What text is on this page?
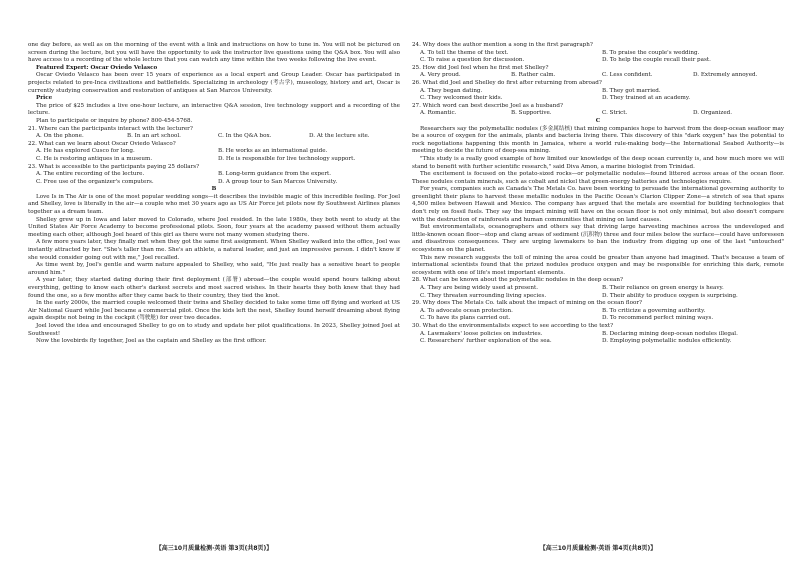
one day before, as well as on the morning of the event with a link and instructions on how to tune in. You will not be pictured on screen during the lecture, but you will have the opportunity to ask the instructor live questions using the Q&A box. You will also have access to a recording of the whole lecture that you can watch any time within the two weeks following the live event.

Featured Expert: Oscar Oviedo Velasco

Oscar Oviedo Velasco has been over 15 years of experience as a local expert and Group Leader. Oscar has participated in projects related to pre-Inca civilizations and battlefields. Specializing in archeology (考古学), museology, history and art, Oscar is currently studying conservation and restoration of antiques at San Marcos University.

Price

The price of $25 includes a live one-hour lecture, an interactive Q&A session, live technology support and a recording of the lecture.

Plan to participate or inquire by phone? 800-454-5768.

21. Where can the participants interact with the lecturer?

A. On the phone.	B. In an art school.	C. In the Q&A box.	D. At the lecture site.

22. What can we learn about Oscar Oviedo Velasco?

A. He has explored Cusco for long.	B. He works as an international guide.
C. He is restoring antiques in a museum.	D. He is responsible for live technology support.

23. What is accessible to the participants paying 25 dollars?

A. The entire recording of the lecture.	B. Long-term guidance from the expert.
C. Free use of the organizer's computers.	D. A group tour to San Marcos University.

B

Love Is in The Air is one of the most popular wedding songs—it describes the invisible magic of this incredible feeling. For Joel and Shelley, love is literally in the air—a couple who met 30 years ago as US Air Force jet pilots now fly Southwest Airlines planes together as a dream team.

Shelley grew up in Iowa and later moved to Colorado, where Joel resided. In the late 1980s, they both went to study at the United States Air Force Academy to become professional pilots. Soon, four years at the academy passed without them actually meeting each other, although Joel heard of this girl as there were not many women studying there.

A few more years later, they finally met when they got the same first assignment. When Shelley walked into the office, Joel was instantly attracted by her. "She's taller than me. She's an athlete, a natural leader, and just an impressive person. I didn't know if she would consider going out with me," Joel recalled.

As time went by, Joel's gentle and warm nature appealed to Shelley, who said, "He just really has a sensitive heart to people around him."

A year later, they started dating during their first deployment (部署) abroad—the couple would spend hours talking about everything, getting to know each other's darkest secrets and most sacred wishes. In their hearts they both knew that they had found the one, so a few months after they came back to their country, they tied the knot.

In the early 2000s, the married couple welcomed their twins and Shelley decided to take some time off flying and worked at US Air National Guard while Joel became a commercial pilot. Once the kids left the nest, Shelley found herself dreaming about flying again despite not being in the cockpit (驾驶舱) for over two decades.

Joel loved the idea and encouraged Shelley to go on to study and update her pilot qualifications. In 2023, Shelley joined Joel at Southwest!

Now the lovebirds fly together, Joel as the captain and Shelley as the first officer.

24. Why does the author mention a song in the first paragraph?

A. To tell the theme of the text.	B. To praise the couple's wedding.
C. To raise a question for discussion.	D. To help the couple recall their past.

25. How did Joel feel when he first met Shelley?

A. Very proud.	B. Rather calm.	C. Less confident.	D. Extremely annoyed.

26. What did Joel and Shelley do first after returning from abroad?

A. They began dating.	B. They got married.
C. They welcomed their kids.	D. They trained at an academy.

27. Which word can best describe Joel as a husband?

A. Romantic.	B. Supportive.	C. Strict.	D. Organized.

C

Researchers say the polymetallic nodules (多金属结核) that mining companies hope to harvest from the deep-ocean seafloor may be a source of oxygen for the animals, plants and bacteria living there. This discovery of this "dark oxygen" has the potential to rock negotiations happening this month in Jamaica, where a world rule-making body—the International Seabed Authority—is meeting to decide the future of deep-sea mining.

"This study is a really good example of how limited our knowledge of the deep ocean currently is, and how much more we will stand to benefit with further scientific research," said Diva Amon, a marine biologist from Trinidad.

The excitement is focused on the potato-sized rocks—or polymetallic nodules—found littered across areas of the ocean floor. These nodules contain minerals, such as cobalt and nickel that green-energy batteries and technologies require.

For years, companies such as Canada's The Metals Co. have been working to persuade the international governing authority to greenlight their plans to harvest these metallic nodules in the Pacific Ocean's Clarion Clipper Zone—a stretch of sea that spans 4,500 miles between Hawaii and Mexico. The company has argued that the metals are essential for building technologies that don't rely on fossil fuels. They say the impact mining will have on the ocean floor is not only minimal, but also doesn't compare with the destruction of rainforests and human communities that mining on land causes.

But environmentalists, oceanographers and others say that driving large harvesting machines across the undeveloped and little-known ocean floor—stop and clang areas of sediment (沉积物) three and four miles below the surface—could have unforeseen and disastrous consequences. They are urging lawmakers to ban the industry from digging up one of the last "untouched" ecosystems on the planet.

This new research suggests the toll of mining the area could be greater than anyone had imagined. That's because a team of international scientists found that the prized nodules produce oxygen and may be responsible for enriching this dark, remote ecosystem with one of life's most important elements.

28. What can be known about the polymetallic nodules in the deep ocean?

A. They are being widely used at present.	B. Their reliance on green energy is heavy.
C. They threaten surrounding living species.	D. Their ability to produce oxygen is surprising.

29. Why does The Metals Co. talk about the impact of mining on the ocean floor?

A. To advocate ocean protection.	B. To criticize a governing authority.
C. To have its plans carried out.	D. To recommend perfect mining ways.

30. What do the environmentalists expect to see according to the text?

A. Lawmakers' loose policies on industries.	B. Declaring mining deep-ocean nodules illegal.
C. Researchers' further exploration of the sea.	D. Employing polymetallic nodules efficiently.
【高三10月质量检测·英语 第3页(共8页)】	【高三10月质量检测·英语 第4页(共8页)】
